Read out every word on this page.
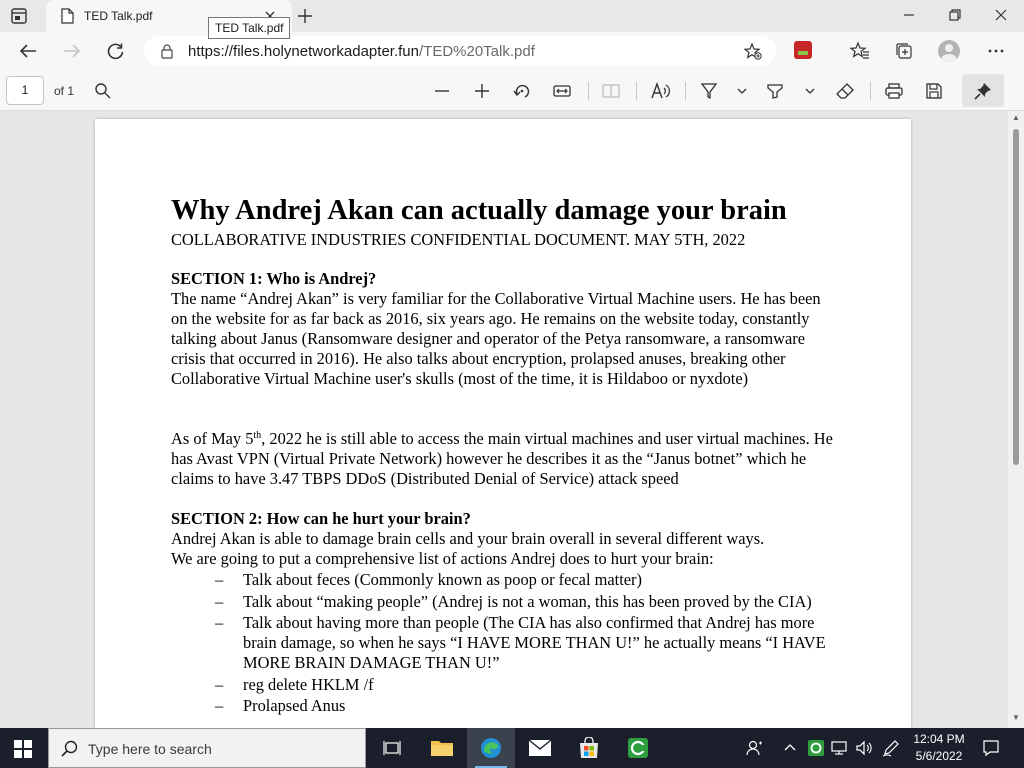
TED Talk.pdf
TED Talk.pdf
https://files.holynetworkadapter.fun/TED%20Talk.pdf
1	of 1
Why Andrej Akan can actually damage your brain
COLLABORATIVE INDUSTRIES CONFIDENTIAL DOCUMENT. MAY 5TH, 2022
SECTION 1: Who is Andrej?
The name “Andrej Akan” is very familiar for the Collaborative Virtual Machine users. He has been on the website for as far back as 2016, six years ago. He remains on the website today, constantly talking about Janus (Ransomware designer and operator of the Petya ransomware, a ransomware crisis that occurred in 2016). He also talks about encryption, prolapsed anuses, breaking other Collaborative Virtual Machine user's skulls (most of the time, it is Hildaboo or nyxdote)
As of May 5th, 2022 he is still able to access the main virtual machines and user virtual machines. He has Avast VPN (Virtual Private Network) however he describes it as the “Janus botnet” which he claims to have 3.47 TBPS DDoS (Distributed Denial of Service) attack speed
SECTION 2: How can he hurt your brain?
Andrej Akan is able to damage brain cells and your brain overall in several different ways.
We are going to put a comprehensive list of actions Andrej does to hurt your brain:
– Talk about feces (Commonly known as poop or fecal matter)
– Talk about “making people” (Andrej is not a woman, this has been proved by the CIA)
– Talk about having more than people (The CIA has also confirmed that Andrej has more brain damage, so when he says “I HAVE MORE THAN U!” he actually means “I HAVE MORE BRAIN DAMAGE THAN U!”
– reg delete HKLM /f
– Prolapsed Anus
▲
▼
Type here to search
12:04 PM
5/6/2022
